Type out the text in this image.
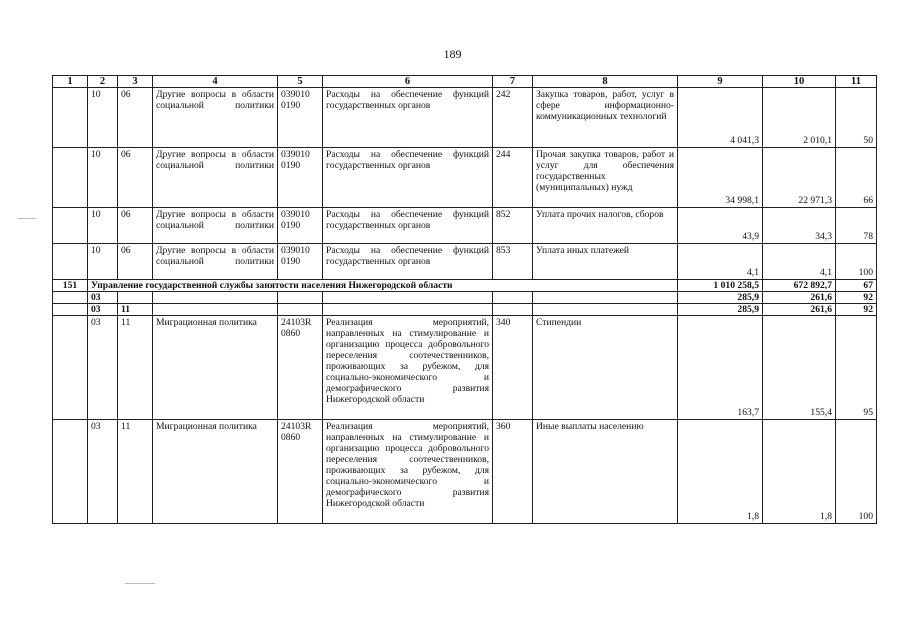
189
1	2	3	4	5	6	7	8	9	10	11
	10	06	Другие вопросы в области социальной политики	039010 0190	Расходы на обеспечение функций государственных органов	242	Закупка товаров, работ, услуг в сфере информационно-коммуникационных технологий	4 041,3	2 010,1	50
	10	06	Другие вопросы в области социальной политики	039010 0190	Расходы на обеспечение функций государственных органов	244	Прочая закупка товаров, работ и услуг для обеспечения государственных (муниципальных) нужд	34 998,1	22 971,3	66
	10	06	Другие вопросы в области социальной политики	039010 0190	Расходы на обеспечение функций государственных органов	852	Уплата прочих налогов, сборов	43,9	34,3	78
	10	06	Другие вопросы в области социальной политики	039010 0190	Расходы на обеспечение функций государственных органов	853	Уплата иных платежей	4,1	4,1	100
151	Управление государственной службы занятости населения Нижегородской области							1 010 258,5	672 892,7	67
	03							285,9	261,6	92
	03	11						285,9	261,6	92
	03	11	Миграционная политика	24103R 0860	Реализация мероприятий, направленных на стимулирование и организацию процесса добровольного переселения соотечественников, проживающих за рубежом, для социально-экономического и демографического развития Нижегородской области	340	Стипендии	163,7	155,4	95
	03	11	Миграционная политика	24103R 0860	Реализация мероприятий, направленных на стимулирование и организацию процесса добровольного переселения соотечественников, проживающих за рубежом, для социально-экономического и демографического развития Нижегородской области	360	Иные выплаты населению	1,8	1,8	100
